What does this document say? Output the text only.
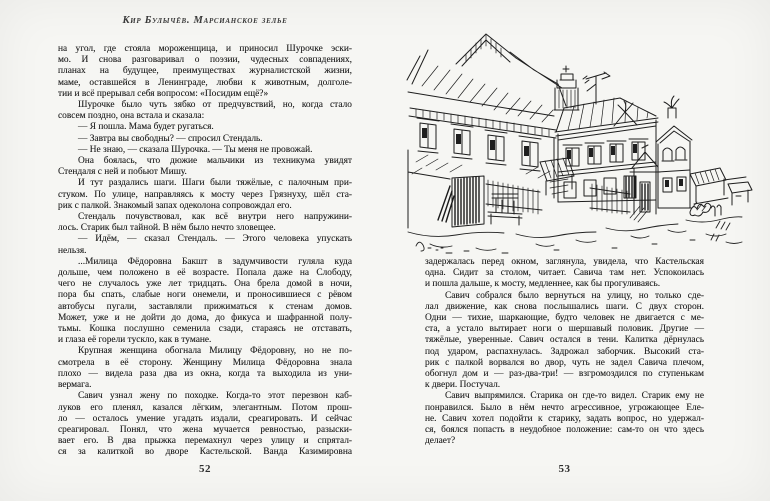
Кир Булычёв. Марсианское зелье
на угол, где стояла мороженщица, и приносил Шурочке эски-
мо. И снова разговаривал о поэзии, чудесных совпадениях,
планах на будущее, преимуществах журналистской жизни,
маме, оставшейся в Ленинграде, любви к животным, долголе-
тии и всё прерывал себя вопросом: «Посидим ещё?»
Шурочке было чуть зябко от предчувствий, но, когда стало
совсем поздно, она встала и сказала:
— Я пошла. Мама будет ругаться.
— Завтра вы свободны? — спросил Стендаль.
— Не знаю, — сказала Шурочка. — Ты меня не провожай.
Она боялась, что дюжие мальчики из техникума увидят
Стендаля с ней и побьют Мишу.
И тут раздались шаги. Шаги были тяжёлые, с палочным при-
стуком. По улице, направляясь к мосту через Грязнуху, шёл ста-
рик с палкой. Знакомый запах одеколона сопровождал его.
Стендаль почувствовал, как всё внутри него напружини-
лось. Старик был тайной. В нём было нечто зловещее.
— Идём, — сказал Стендаль. — Этого человека упускать
нельзя.
...Милица Фёдоровна Бакшт в задумчивости гуляла куда
дольше, чем положено в её возрасте. Попала даже на Слободу,
чего не случалось уже лет тридцать. Она брела домой в ночи,
пора бы спать, слабые ноги онемели, и проносившиеся с рёвом
автобусы пугали, заставляли прижиматься к стенам домов.
Может, уже и не дойти до дома, до фикуса и шафранной полу-
тьмы. Кошка послушно семенила сзади, стараясь не отставать,
и глаза её горели тускло, как в тумане.
Крупная женщина обогнала Милицу Фёдоровну, но не по-
смотрела в её сторону. Женщину Милица Фёдоровна знала
плохо — видела раза два из окна, когда та выходила из уни-
вермага.
Савич узнал жену по походке. Когда-то этот перезвон каб-
луков его пленял, казался лёгким, элегантным. Потом прош-
ло — осталось умение угадать издали, среагировать. И сейчас
среагировал. Понял, что жена мучается ревностью, разыски-
вает его. В два прыжка перемахнул через улицу и спрятал-
ся за калиткой во дворе Кастельской. Ванда Казимировна
задержалась перед окном, заглянула, увидела, что Кастельская
одна. Сидит за столом, читает. Савича там нет. Успокоилась
и пошла дальше, к мосту, медленнее, как бы прогуливаясь.
Савич собрался было вернуться на улицу, но только сде-
лал движение, как снова послышались шаги. С двух сторон.
Одни — тихие, шаркающие, будто человек не двигается с ме-
ста, а устало вытирает ноги о шершавый половик. Другие —
тяжёлые, уверенные. Савич остался в тени. Калитка дёрнулась
под ударом, распахнулась. Задрожал заборчик. Высокий ста-
рик с палкой ворвался во двор, чуть не задел Савича плечом,
обогнул дом и — раз-два-три! — взгромоздился по ступенькам
к двери. Постучал.
Савич выпрямился. Старика он где-то видел. Старик ему не
понравился. Было в нём нечто агрессивное, угрожающее Еле-
не. Савич хотел подойти к старику, задать вопрос, но удержал-
ся, боялся попасть в неудобное положение: сам-то он что здесь
делает?
52	53
